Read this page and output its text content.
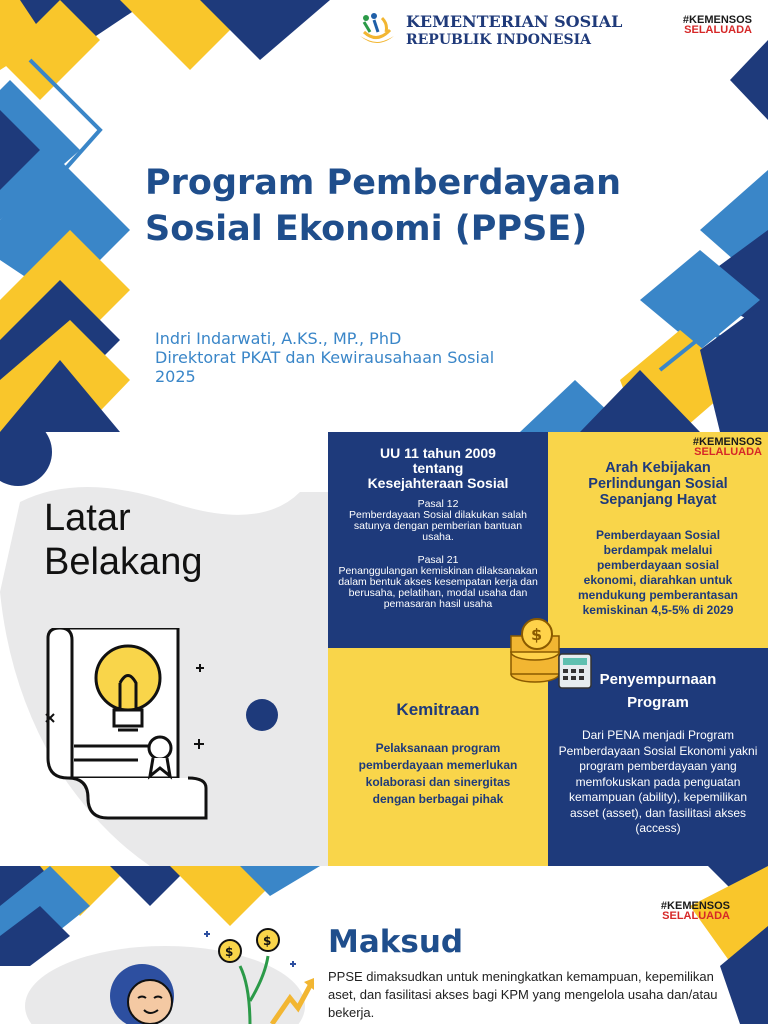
KEMENTERIAN SOSIAL
REPUBLIK INDONESIA
#KEMENSOS
SELALUADA
Program Pemberdayaan
Sosial Ekonomi (PPSE)
Indri Indarwati, A.KS., MP., PhD
Direktorat PKAT dan Kewirausahaan Sosial
2025
Latar
Belakang
UU 11 tahun 2009
tentang
Kesejahteraan Sosial
Pasal 12
Pemberdayaan Sosial dilakukan salah satunya dengan pemberian bantuan usaha.
Pasal 21
Penanggulangan kemiskinan dilaksanakan dalam bentuk akses kesempatan kerja dan berusaha, pelatihan, modal usaha dan pemasaran hasil usaha
#KEMENSOS
SELALUADA
Arah Kebijakan
Perlindungan Sosial
Sepanjang Hayat
Pemberdayaan Sosial berdampak melalui pemberdayaan sosial ekonomi, diarahkan untuk mendukung pemberantasan kemiskinan 4,5-5% di 2029
Kemitraan
Pelaksanaan program pemberdayaan memerlukan kolaborasi dan sinergitas dengan berbagai pihak
Penyempurnaan
Program
Dari PENA menjadi Program Pemberdayaan Sosial Ekonomi yakni program pemberdayaan yang memfokuskan pada penguatan kemampuan (ability), kepemilikan asset (asset), dan fasilitasi akses (access)
$
#KEMENSOS
SELALUADA
$
$ Maksud
PPSE dimaksudkan untuk meningkatkan kemampuan, kepemilikan aset, dan fasilitasi akses bagi KPM yang mengelola usaha dan/atau bekerja.
